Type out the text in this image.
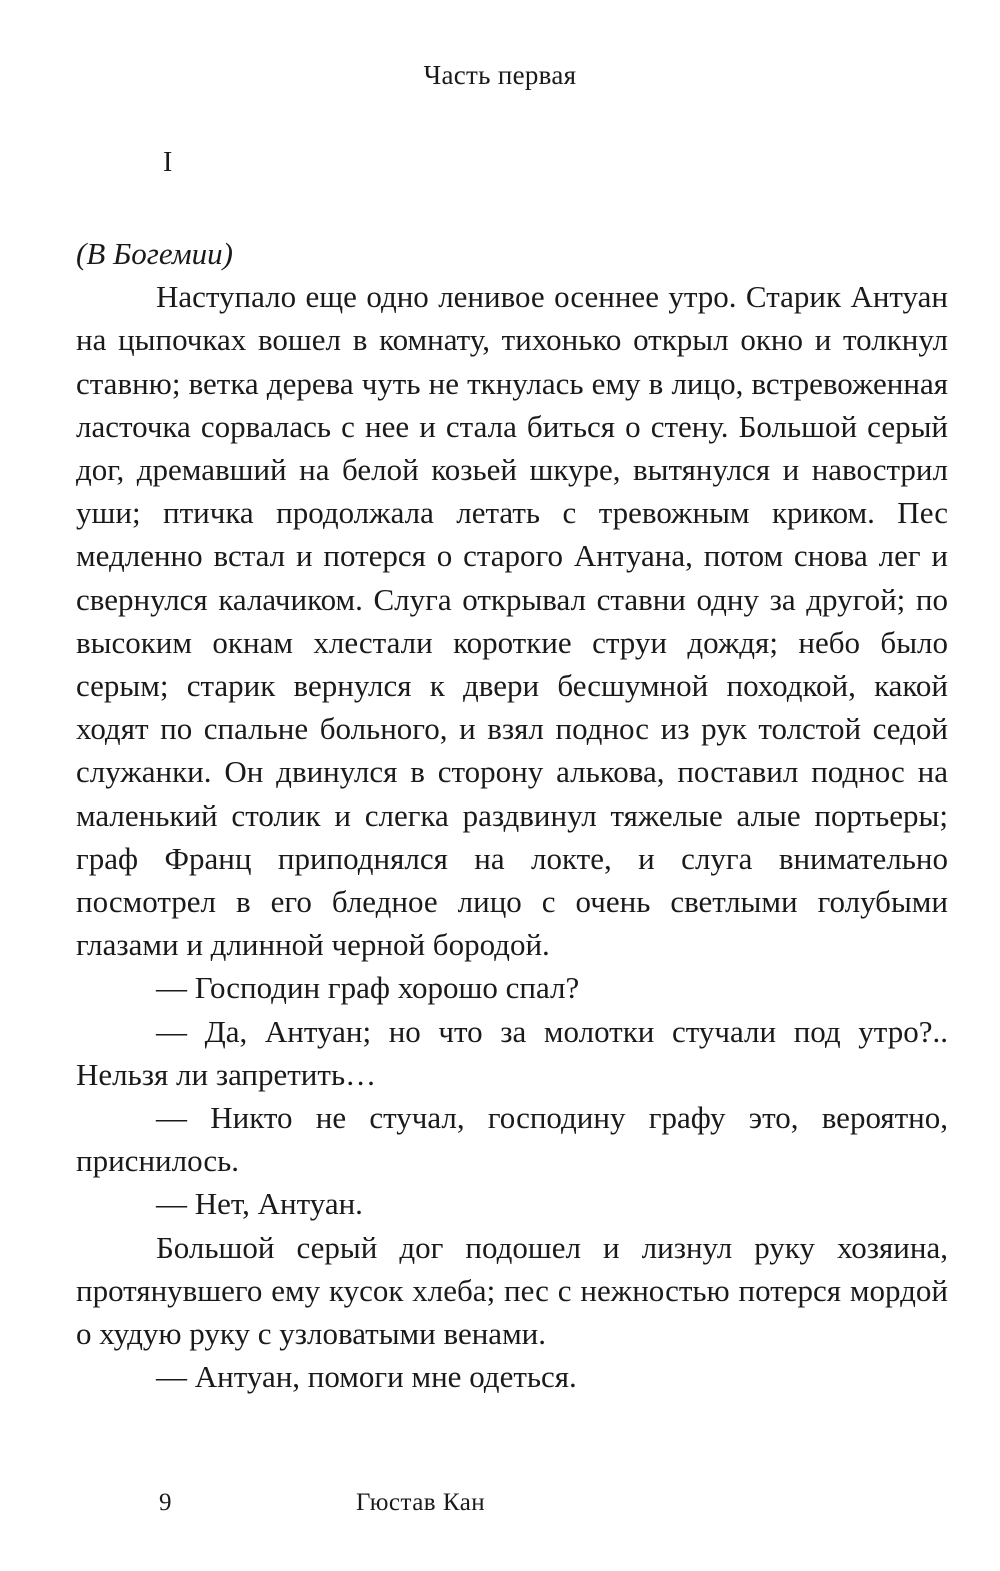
Часть первая
I

(В Богемии)

Наступало еще одно ленивое осеннее утро. Старик Антуан на цыпочках вошел в комнату, тихонько открыл окно и толкнул ставню; ветка дерева чуть не ткнулась ему в лицо, встревоженная ласточка сорвалась с нее и стала биться о стену. Большой серый дог, дремавший на белой козьей шкуре, вытянулся и навострил уши; птичка продолжала летать с тревожным криком. Пес медленно встал и потерся о старого Антуана, потом снова лег и свернулся калачиком. Слуга открывал ставни одну за другой; по высоким окнам хлестали короткие струи дождя; небо было серым; старик вернулся к двери бесшумной походкой, какой ходят по спальне больного, и взял поднос из рук толстой седой служанки. Он двинулся в сторону алькова, поставил поднос на маленький столик и слегка раздвинул тяжелые алые портьеры; граф Франц приподнялся на локте, и слуга внимательно посмотрел в его бледное лицо с очень светлыми голубыми глазами и длинной черной бородой.

— Господин граф хорошо спал?

— Да, Антуан; но что за молотки стучали под утро?.. Нельзя ли запретить…

— Никто не стучал, господину графу это, вероятно, приснилось.

— Нет, Антуан.

Большой серый дог подошел и лизнул руку хозяина, протянувшего ему кусок хлеба; пес с нежностью потерся мордой о худую руку с узловатыми венами.

— Антуан, помоги мне одеться.

9	Гюстав Кан
